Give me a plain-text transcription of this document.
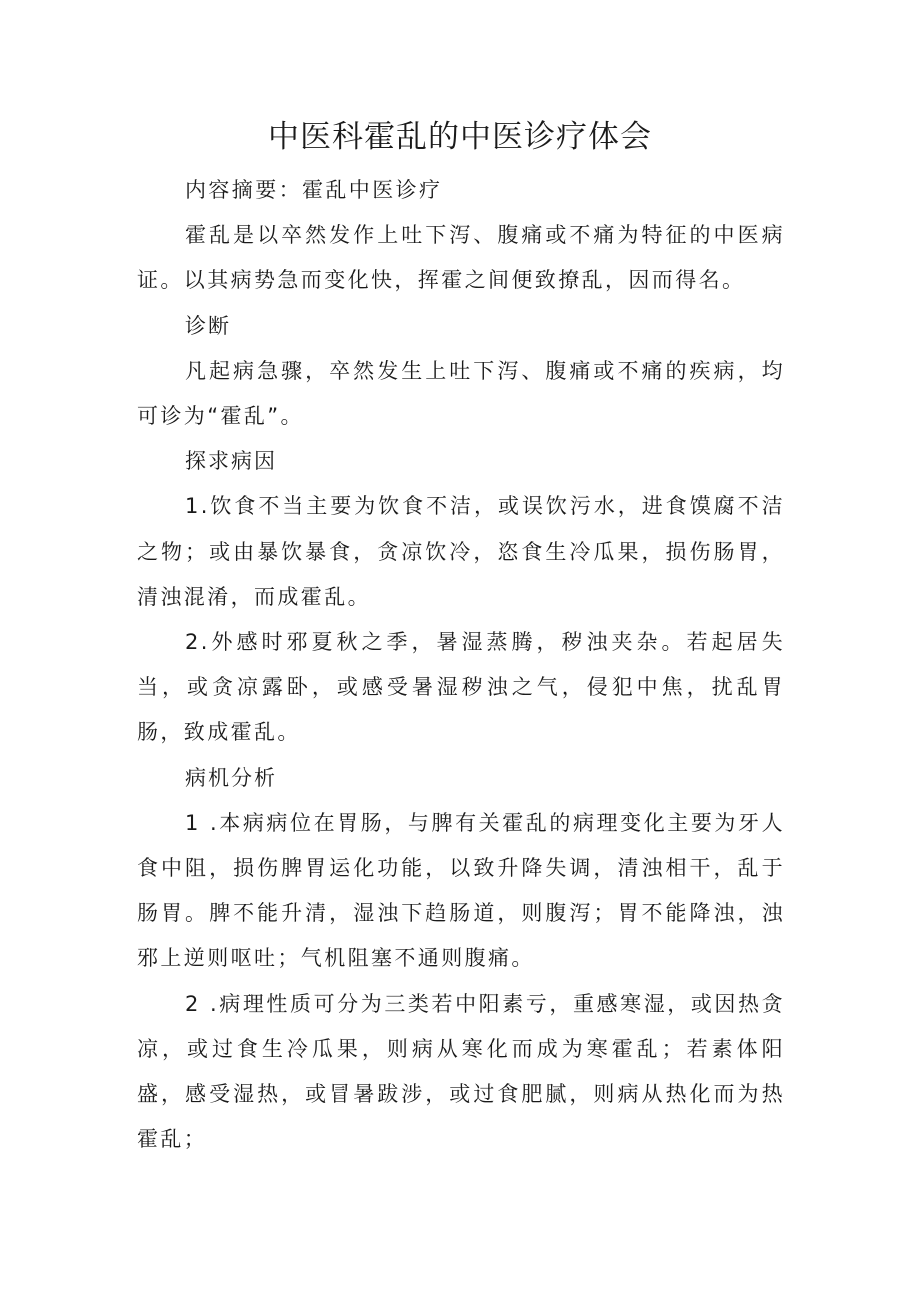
中医科霍乱的中医诊疗体会

内容摘要：霍乱中医诊疗

霍乱是以卒然发作上吐下泻、腹痛或不痛为特征的中医病证。以其病势急而变化快，挥霍之间便致撩乱，因而得名。

诊断

凡起病急骤，卒然发生上吐下泻、腹痛或不痛的疾病，均可诊为“霍乱”。

探求病因

1.饮食不当主要为饮食不洁，或误饮污水，进食馍腐不洁之物；或由暴饮暴食，贪凉饮冷，恣食生冷瓜果，损伤肠胃，清浊混淆，而成霍乱。

2.外感时邪夏秋之季，暑湿蒸腾，秽浊夹杂。若起居失当，或贪凉露卧，或感受暑湿秽浊之气，侵犯中焦，扰乱胃肠，致成霍乱。

病机分析

1 .本病病位在胃肠，与脾有关霍乱的病理变化主要为牙人食中阻，损伤脾胃运化功能，以致升降失调，清浊相干，乱于肠胃。脾不能升清，湿浊下趋肠道，则腹泻；胃不能降浊，浊邪上逆则呕吐；气机阻塞不通则腹痛。

2 .病理性质可分为三类若中阳素亏，重感寒湿，或因热贪凉，或过食生冷瓜果，则病从寒化而成为寒霍乱；若素体阳盛，感受湿热，或冒暑跋涉，或过食肥腻，则病从热化而为热霍乱；
